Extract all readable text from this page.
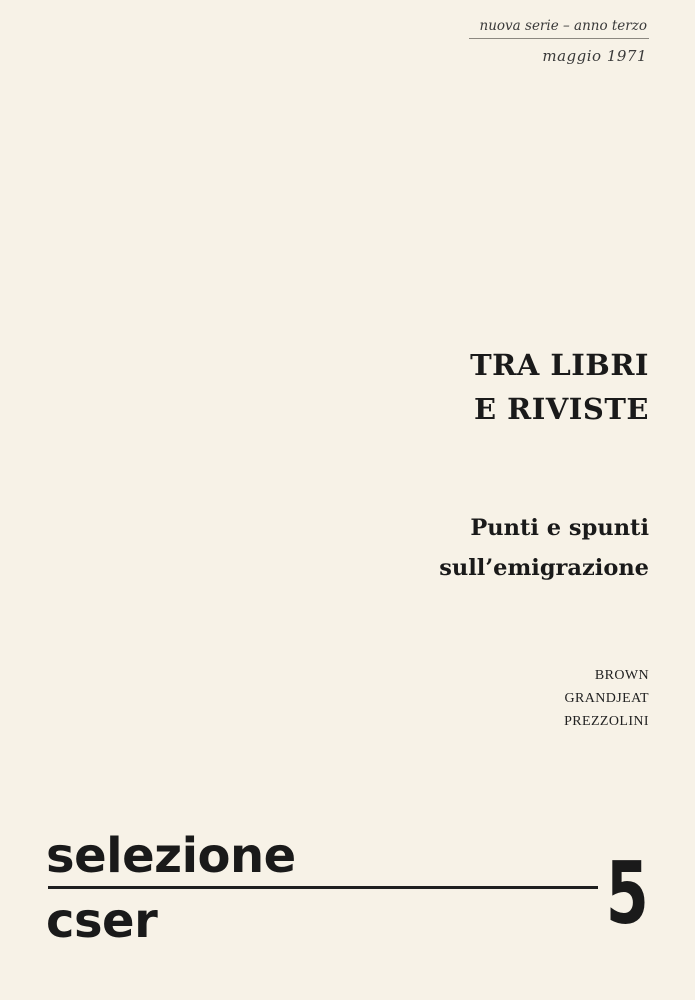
nuova serie – anno terzo
maggio 1971
TRA LIBRI
E RIVISTE
Punti e spunti
sull’emigrazione
BROWN
GRANDJEAT
PREZZOLINI
selezione
cser	5
